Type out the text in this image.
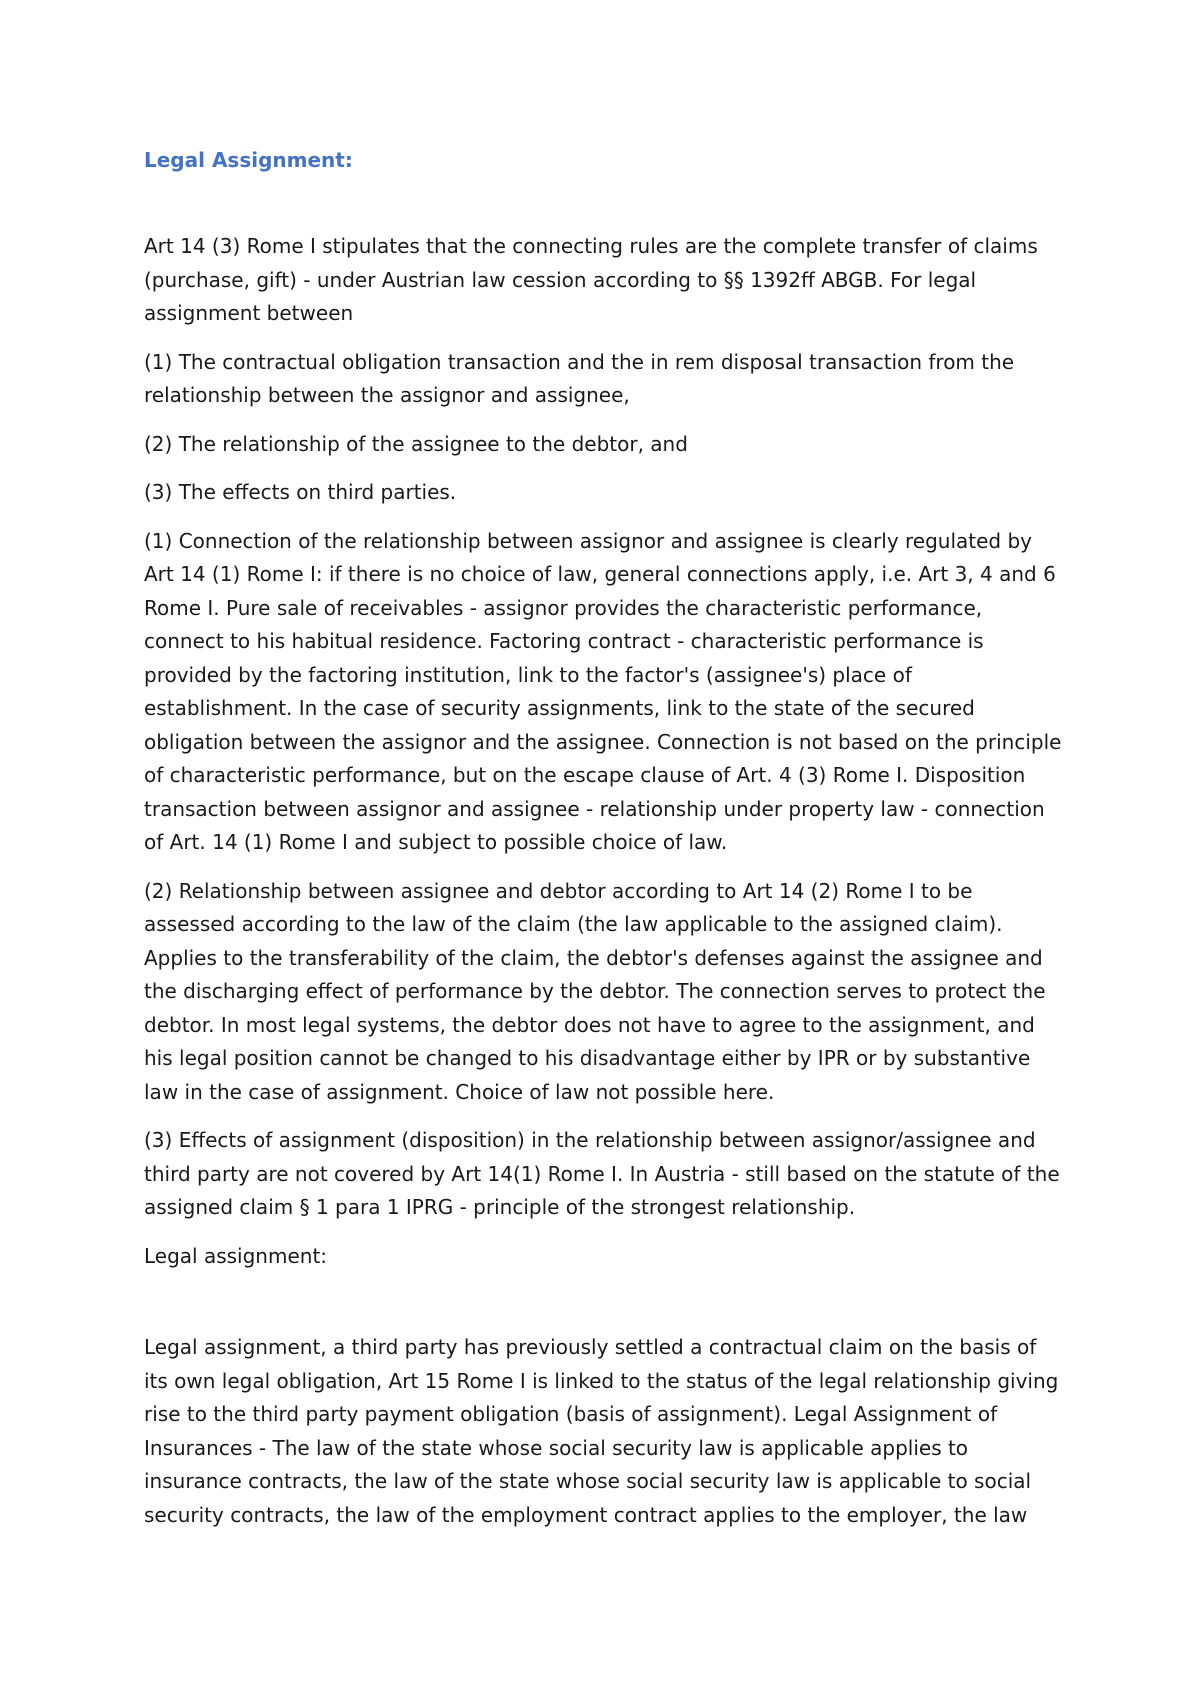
Legal Assignment:

Art 14 (3) Rome I stipulates that the connecting rules are the complete transfer of claims (purchase, gift) - under Austrian law cession according to §§ 1392ff ABGB. For legal assignment between

(1) The contractual obligation transaction and the in rem disposal transaction from the relationship between the assignor and assignee,

(2) The relationship of the assignee to the debtor, and

(3) The effects on third parties.

(1) Connection of the relationship between assignor and assignee is clearly regulated by Art 14 (1) Rome I: if there is no choice of law, general connections apply, i.e. Art 3, 4 and 6 Rome I. Pure sale of receivables - assignor provides the characteristic performance, connect to his habitual residence. Factoring contract - characteristic performance is provided by the factoring institution, link to the factor's (assignee's) place of establishment. In the case of security assignments, link to the state of the secured obligation between the assignor and the assignee. Connection is not based on the principle of characteristic performance, but on the escape clause of Art. 4 (3) Rome I. Disposition transaction between assignor and assignee - relationship under property law - connection of Art. 14 (1) Rome I and subject to possible choice of law.

(2) Relationship between assignee and debtor according to Art 14 (2) Rome I to be assessed according to the law of the claim (the law applicable to the assigned claim). Applies to the transferability of the claim, the debtor's defenses against the assignee and the discharging effect of performance by the debtor. The connection serves to protect the debtor. In most legal systems, the debtor does not have to agree to the assignment, and his legal position cannot be changed to his disadvantage either by IPR or by substantive law in the case of assignment. Choice of law not possible here.

(3) Effects of assignment (disposition) in the relationship between assignor/assignee and third party are not covered by Art 14(1) Rome I. In Austria - still based on the statute of the assigned claim § 1 para 1 IPRG - principle of the strongest relationship.

Legal assignment:

Legal assignment, a third party has previously settled a contractual claim on the basis of its own legal obligation, Art 15 Rome I is linked to the status of the legal relationship giving rise to the third party payment obligation (basis of assignment). Legal Assignment of Insurances - The law of the state whose social security law is applicable applies to insurance contracts, the law of the state whose social security law is applicable to social security contracts, the law of the employment contract applies to the employer, the law
